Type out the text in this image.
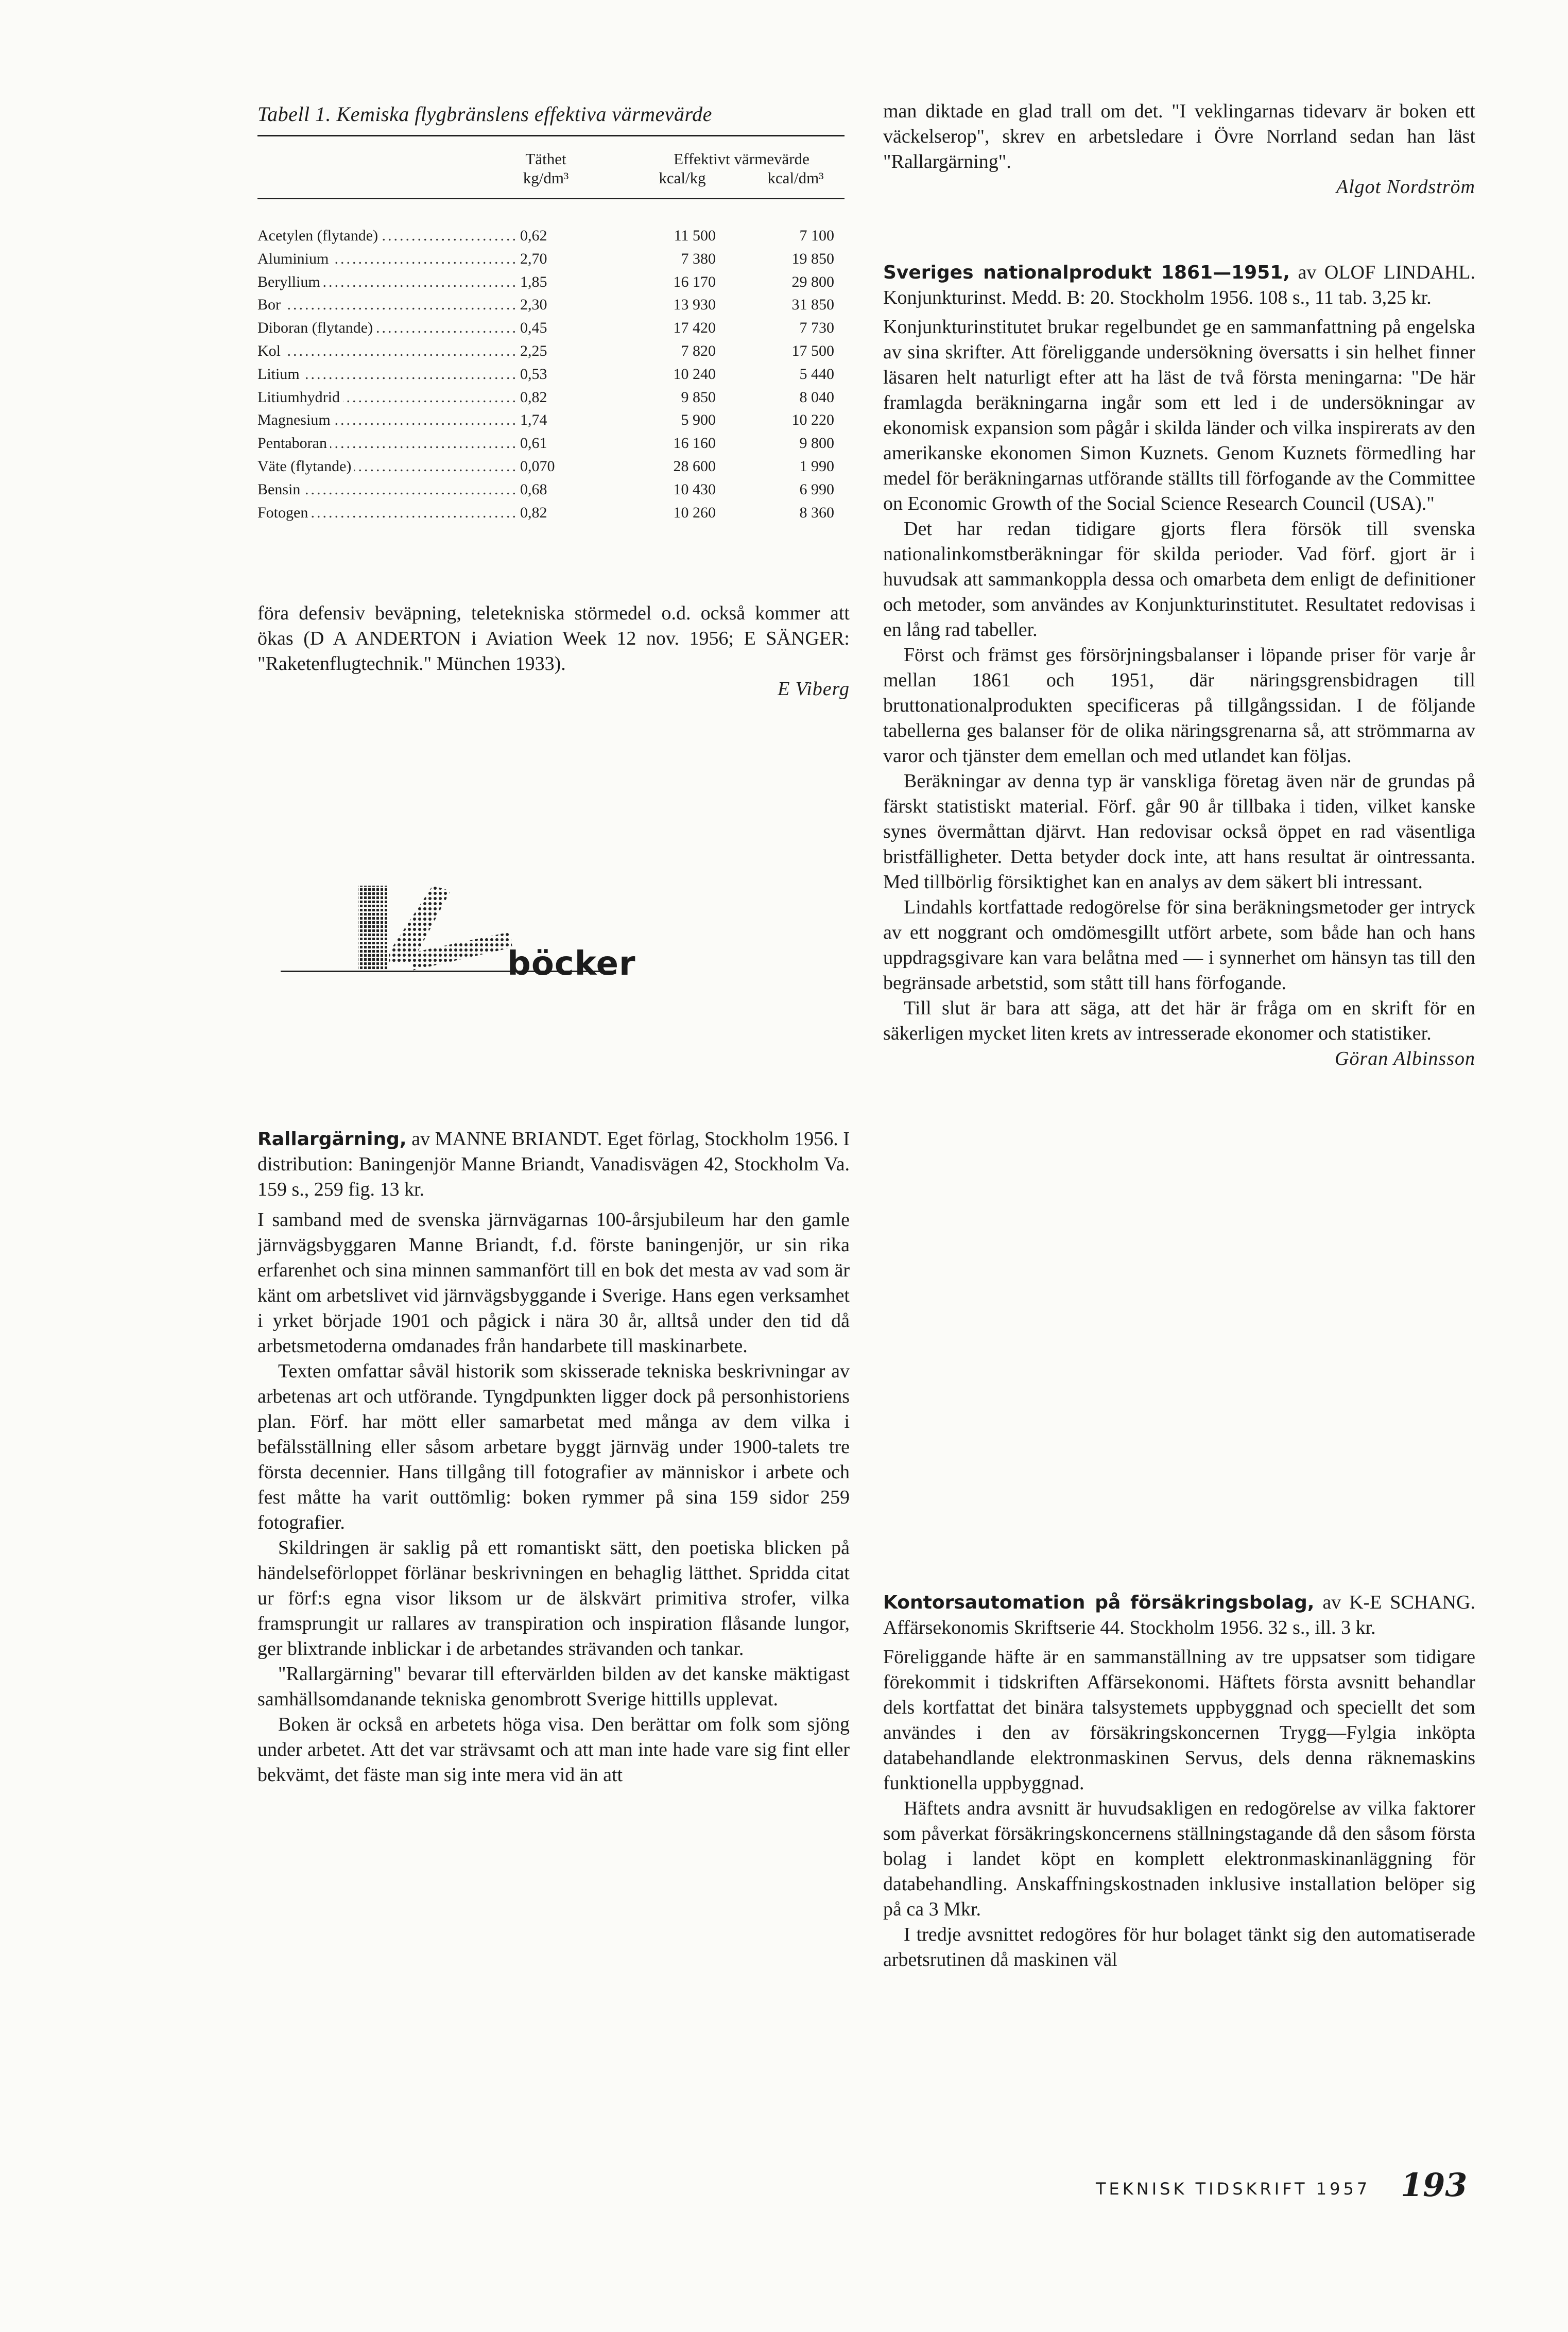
Tabell 1. Kemiska flygbränslens effektiva värmevärde
Täthet
kg/dm³
Effektivt värmevärde
kcal/kg	kcal/dm³
Acetylen (flytande) .....	0,62	11 500	7 100
Aluminium .....	2,70	7 380	19 850
Beryllium .....	1,85	16 170	29 800
Bor .....	2,30	13 930	31 850
Diboran (flytande) .....	0,45	17 420	7 730
Kol .....	2,25	7 820	17 500
Litium .....	0,53	10 240	5 440
Litiumhydrid .....	0,82	9 850	8 040
Magnesium .....	1,74	5 900	10 220
Pentaboran .....	0,61	16 160	9 800
Väte (flytande) .....	0,070	28 600	1 990
Bensin .....	0,68	10 430	6 990
Fotogen .....	0,82	10 260	8 360

föra defensiv beväpning, teletekniska störmedel o.d. också kommer att ökas (D A ANDERTON i Aviation Week 12 nov. 1956; E SÄNGER: "Raketenflugtechnik." München 1933).

E Viberg
böcker
Rallargärning, av MANNE BRIANDT. Eget förlag, Stockholm 1956. I distribution: Baningenjör Manne Briandt, Vanadisvägen 42, Stockholm Va. 159 s., 259 fig. 13 kr.

I samband med de svenska järnvägarnas 100-årsjubileum har den gamle järnvägsbyggaren Manne Briandt, f.d. förste baningenjör, ur sin rika erfarenhet och sina minnen sammanfört till en bok det mesta av vad som är känt om arbetslivet vid järnvägsbyggande i Sverige. Hans egen verksamhet i yrket började 1901 och pågick i nära 30 år, alltså under den tid då arbetsmetoderna omdanades från handarbete till maskinarbete.

Texten omfattar såväl historik som skisserade tekniska beskrivningar av arbetenas art och utförande. Tyngdpunkten ligger dock på personhistoriens plan. Förf. har mött eller samarbetat med många av dem vilka i befälsställning eller såsom arbetare byggt järnväg under 1900-talets tre första decennier. Hans tillgång till fotografier av människor i arbete och fest måtte ha varit outtömlig: boken rymmer på sina 159 sidor 259 fotografier.

Skildringen är saklig på ett romantiskt sätt, den poetiska blicken på händelseförloppet förlänar beskrivningen en behaglig lätthet. Spridda citat ur förf:s egna visor liksom ur de älskvärt primitiva strofer, vilka framsprungit ur rallares av transpiration och inspiration flåsande lungor, ger blixtrande inblickar i de arbetandes strävanden och tankar.

"Rallargärning" bevarar till eftervärlden bilden av det kanske mäktigast samhällsomdanande tekniska genombrott Sverige hittills upplevat.

Boken är också en arbetets höga visa. Den berättar om folk som sjöng under arbetet. Att det var strävsamt och att man inte hade vare sig fint eller bekvämt, det fäste man sig inte mera vid än att

man diktade en glad trall om det. "I veklingarnas tidevarv är boken ett väckelserop", skrev en arbetsledare i Övre Norrland sedan han läst "Rallargärning".

Algot Nordström
Sveriges nationalprodukt 1861—1951, av OLOF LINDAHL. Konjunkturinst. Medd. B: 20. Stockholm 1956. 108 s., 11 tab. 3,25 kr.

Konjunkturinstitutet brukar regelbundet ge en sammanfattning på engelska av sina skrifter. Att föreliggande undersökning översatts i sin helhet finner läsaren helt naturligt efter att ha läst de två första meningarna: "De här framlagda beräkningarna ingår som ett led i de undersökningar av ekonomisk expansion som pågår i skilda länder och vilka inspirerats av den amerikanske ekonomen Simon Kuznets. Genom Kuznets förmedling har medel för beräkningarnas utförande ställts till förfogande av the Committee on Economic Growth of the Social Science Research Council (USA)."

Det har redan tidigare gjorts flera försök till svenska nationalinkomstberäkningar för skilda perioder. Vad förf. gjort är i huvudsak att sammankoppla dessa och omarbeta dem enligt de definitioner och metoder, som användes av Konjunkturinstitutet. Resultatet redovisas i en lång rad tabeller.

Först och främst ges försörjningsbalanser i löpande priser för varje år mellan 1861 och 1951, där näringsgrensbidragen till bruttonationalprodukten specificeras på tillgångssidan. I de följande tabellerna ges balanser för de olika näringsgrenarna så, att strömmarna av varor och tjänster dem emellan och med utlandet kan följas.

Beräkningar av denna typ är vanskliga företag även när de grundas på färskt statistiskt material. Förf. går 90 år tillbaka i tiden, vilket kanske synes övermåttan djärvt. Han redovisar också öppet en rad väsentliga bristfälligheter. Detta betyder dock inte, att hans resultat är ointressanta. Med tillbörlig försiktighet kan en analys av dem säkert bli intressant.

Lindahls kortfattade redogörelse för sina beräkningsmetoder ger intryck av ett noggrant och omdömesgillt utfört arbete, som både han och hans uppdragsgivare kan vara belåtna med — i synnerhet om hänsyn tas till den begränsade arbetstid, som stått till hans förfogande.

Till slut är bara att säga, att det här är fråga om en skrift för en säkerligen mycket liten krets av intresserade ekonomer och statistiker.

Göran Albinsson
Kontorsautomation på försäkringsbolag, av K-E SCHANG. Affärsekonomis Skriftserie 44. Stockholm 1956. 32 s., ill. 3 kr.

Föreliggande häfte är en sammanställning av tre uppsatser som tidigare förekommit i tidskriften Affärsekonomi. Häftets första avsnitt behandlar dels kortfattat det binära talsystemets uppbyggnad och speciellt det som användes i den av försäkringskoncernen Trygg—Fylgia inköpta databehandlande elektronmaskinen Servus, dels denna räknemaskins funktionella uppbyggnad.

Häftets andra avsnitt är huvudsakligen en redogörelse av vilka faktorer som påverkat försäkringskoncernens ställningstagande då den såsom första bolag i landet köpt en komplett elektronmaskinanläggning för databehandling. Anskaffningskostnaden inklusive installation belöper sig på ca 3 Mkr.

I tredje avsnittet redogöres för hur bolaget tänkt sig den automatiserade arbetsrutinen då maskinen väl

TEKNISK TIDSKRIFT 1957 193
